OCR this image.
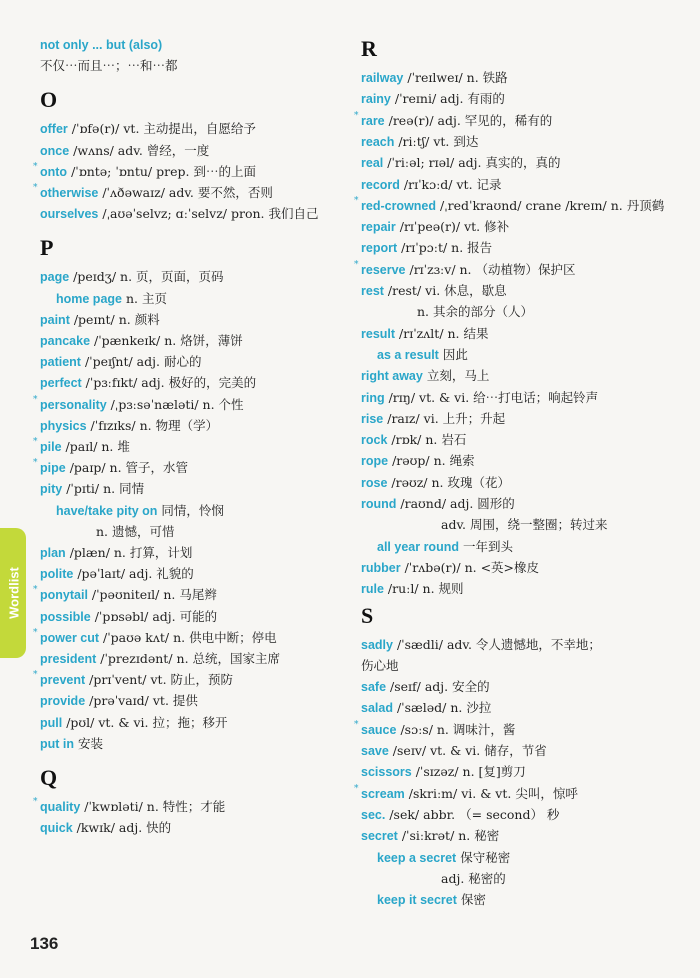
not only ... but (also)
不仅⋯而且⋯；⋯和⋯都
O
offer /ˈɒfə(r)/ vt. 主动提出，自愿给予
once /wʌns/ adv. 曾经，一度
* onto /ˈɒntə; ˈɒntu/ prep. 到⋯的上面
* otherwise /ˈʌðəwaɪz/ adv. 要不然，否则
ourselves /ˌaʊəˈselvz; ɑːˈselvz/ pron. 我们自己
P
page /peɪdʒ/ n. 页，页面，页码
home page n. 主页
paint /peɪnt/ n. 颜料
pancake /ˈpænkeɪk/ n. 烙饼，薄饼
patient /ˈpeɪʃnt/ adj. 耐心的
perfect /ˈpɜːfɪkt/ adj. 极好的，完美的
* personality /ˌpɜːsəˈnæləti/ n. 个性
physics /ˈfɪzɪks/ n. 物理（学）
* pile /paɪl/ n. 堆
* pipe /paɪp/ n. 管子，水管
pity /ˈpɪti/ n. 同情
have/take pity on 同情，怜悯
n. 遗憾，可惜
plan /plæn/ n. 打算，计划
polite /pəˈlaɪt/ adj. 礼貌的
* ponytail /ˈpəʊniteɪl/ n. 马尾辫
possible /ˈpɒsəbl/ adj. 可能的
* power cut /ˈpaʊə kʌt/ n. 供电中断；停电
president /ˈprezɪdənt/ n. 总统，国家主席
* prevent /prɪˈvent/ vt. 防止，预防
provide /prəˈvaɪd/ vt. 提供
pull /pʊl/ vt. & vi. 拉；拖；移开
put in 安装
Q
* quality /ˈkwɒləti/ n. 特性；才能
quick /kwɪk/ adj. 快的
R
railway /ˈreɪlweɪ/ n. 铁路
rainy /ˈreɪni/ adj. 有雨的
* rare /reə(r)/ adj. 罕见的，稀有的
reach /riːtʃ/ vt. 到达
real /ˈriːəl; rɪəl/ adj. 真实的，真的
record /rɪˈkɔːd/ vt. 记录
* red-crowned /ˌredˈkraʊnd/ crane /kreɪn/ n. 丹顶鹤
repair /rɪˈpeə(r)/ vt. 修补
report /rɪˈpɔːt/ n. 报告
* reserve /rɪˈzɜːv/ n. （动植物）保护区
rest /rest/ vi. 休息，歇息
n. 其余的部分（人）
result /rɪˈzʌlt/ n. 结果
as a result 因此
right away 立刻，马上
ring /rɪŋ/ vt. & vi. 给⋯打电话；响起铃声
rise /raɪz/ vi. 上升；升起
rock /rɒk/ n. 岩石
rope /rəʊp/ n. 绳索
rose /rəʊz/ n. 玫瑰（花）
round /raʊnd/ adj. 圆形的
adv. 周围，绕一整圈；转过来
all year round 一年到头
rubber /ˈrʌbə(r)/ n. <英>橡皮
rule /ruːl/ n. 规则
S
sadly /ˈsædli/ adv. 令人遗憾地，不幸地；
伤心地
safe /seɪf/ adj. 安全的
salad /ˈsæləd/ n. 沙拉
* sauce /sɔːs/ n. 调味汁，酱
save /seɪv/ vt. & vi. 储存，节省
scissors /ˈsɪzəz/ n. [复]剪刀
* scream /skriːm/ vi. & vt. 尖叫，惊呼
sec. /sek/ abbr. （= second） 秒
secret /ˈsiːkrət/ n. 秘密
keep a secret 保守秘密
adj. 秘密的
keep it secret 保密
Wordlist
136
